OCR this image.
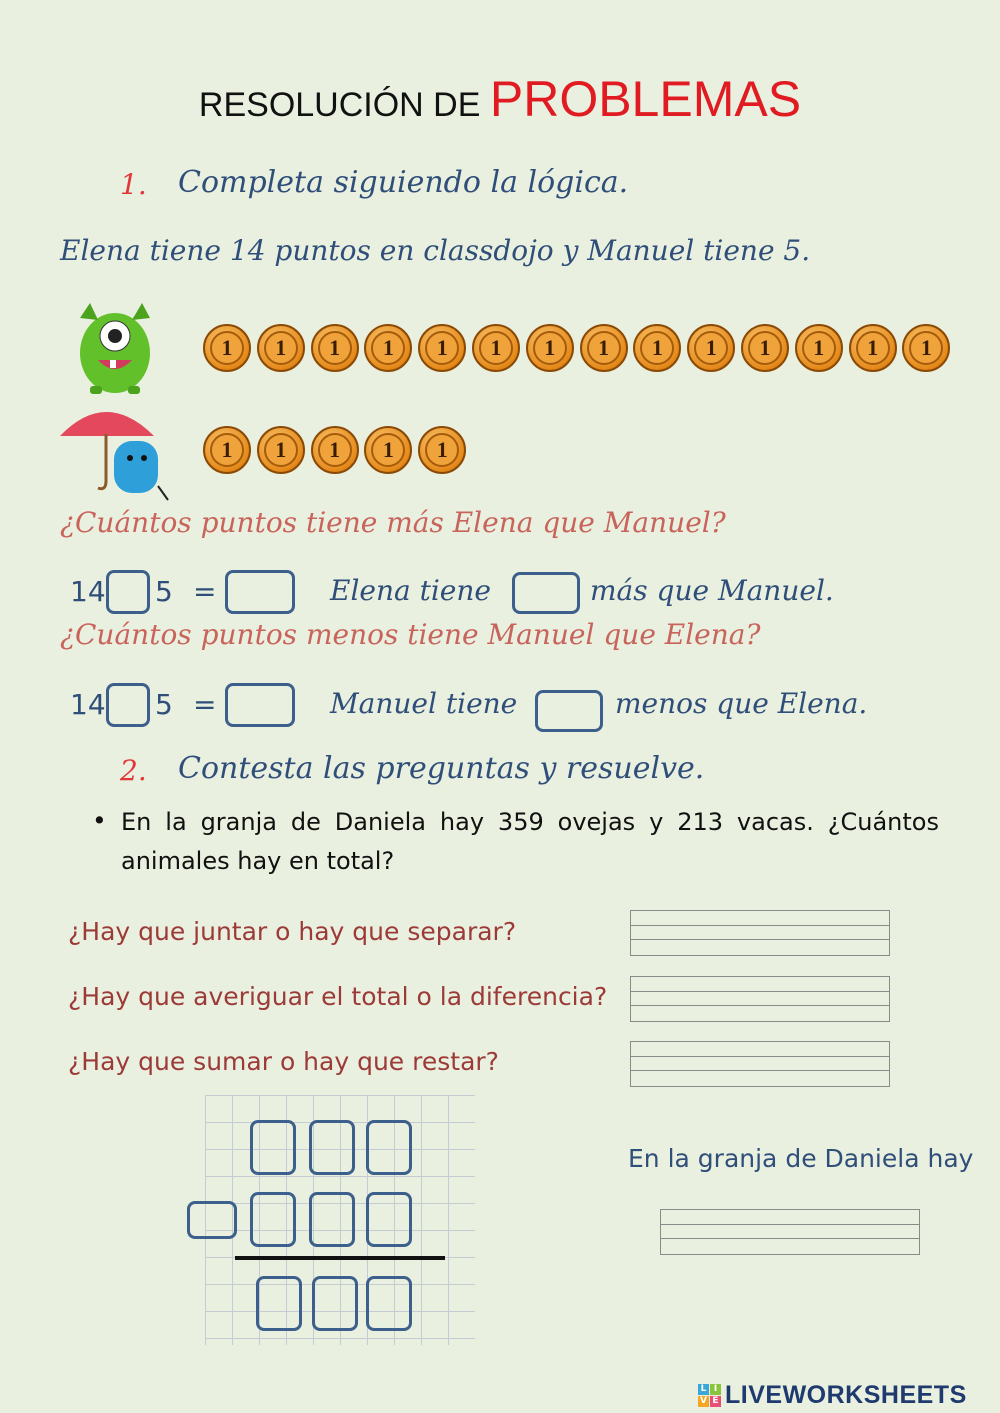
RESOLUCIÓN DE PROBLEMAS
1. Completa siguiendo la lógica.
Elena tiene 14 puntos en classdojo y Manuel tiene 5.
1	1	1	1	1	1	1	1	1	1	1	1	1	1
1	1	1	1	1
¿Cuántos puntos tiene más Elena que Manuel?
14 5 =	Elena tiene	más que Manuel.
¿Cuántos puntos menos tiene Manuel que Elena?
14 5 =	Manuel tiene	menos que Elena.
2. Contesta las preguntas y resuelve.
• En la granja de Daniela hay 359 ovejas y 213 vacas. ¿Cuántos animales hay en total?
¿Hay que juntar o hay que separar?
¿Hay que averiguar el total o la diferencia?
¿Hay que sumar o hay que restar?
En la granja de Daniela hay
L I
V E LIVEWORKSHEETS
